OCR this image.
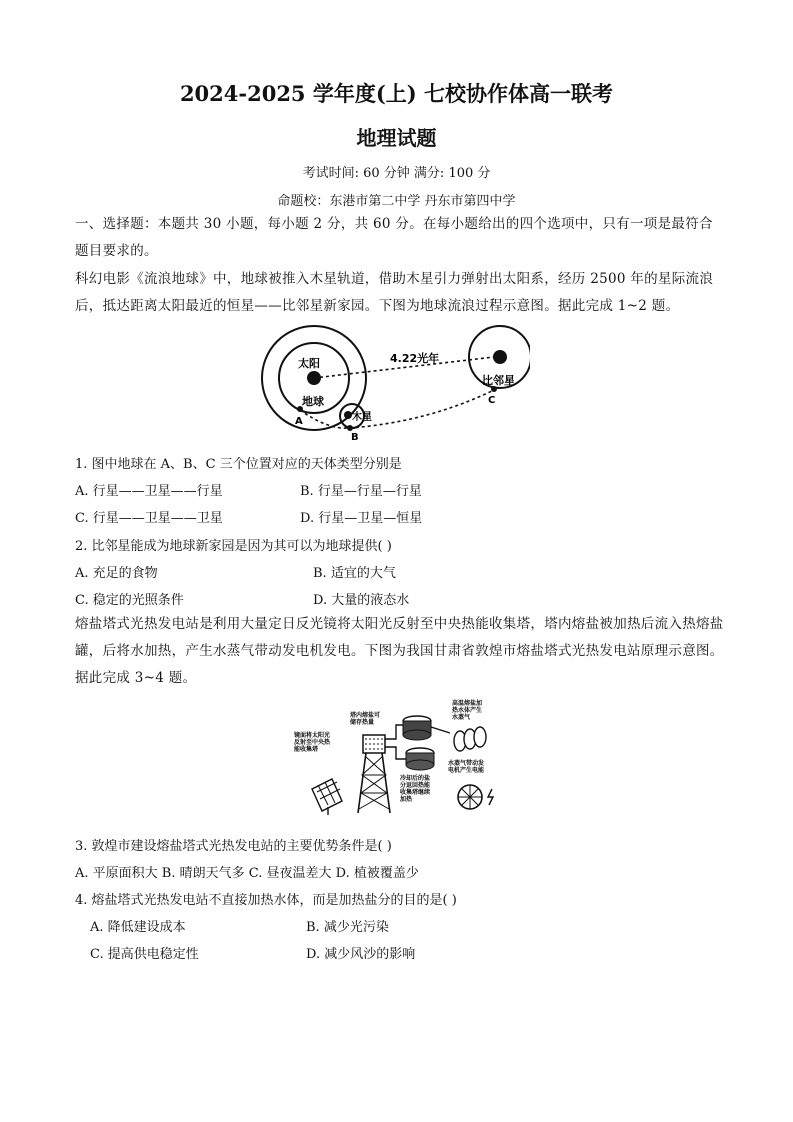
2024-2025 学年度(上) 七校协作体高一联考
地理试题
考试时间: 60 分钟 满分: 100 分
命题校：东港市第二中学 丹东市第四中学
一、选择题：本题共 30 小题，每小题 2 分，共 60 分。在每小题给出的四个选项中，只有一项是最符合题目要求的。
科幻电影《流浪地球》中，地球被推入木星轨道，借助木星引力弹射出太阳系，经历 2500 年的星际流浪后，抵达距离太阳最近的恒星——比邻星新家园。下图为地球流浪过程示意图。据此完成 1~2 题。
太阳
地球
木星
比邻星
4.22光年
A
B
C
1. 图中地球在 A、B、C 三个位置对应的天体类型分别是
A. 行星——卫星——行星	B. 行星—行星—行星
C. 行星——卫星——卫星	D. 行星—卫星—恒星
2. 比邻星能成为地球新家园是因为其可以为地球提供( )
A. 充足的食物	B. 适宜的大气
C. 稳定的光照条件	D. 大量的液态水
熔盐塔式光热发电站是利用大量定日反光镜将太阳光反射至中央热能收集塔，塔内熔盐被加热后流入热熔盐罐，后将水加热，产生水蒸气带动发电机发电。下图为我国甘肃省敦煌市熔盐塔式光热发电站原理示意图。据此完成 3~4 题。
塔内熔盐可储存热量
镜面将太阳光反射至中央热能收集塔
高温熔盐加热水体产生水蒸气
冷却后的盐分返回热能收集塔继续加热
水蒸气带动发电机产生电能
3. 敦煌市建设熔盐塔式光热发电站的主要优势条件是( )
A. 平原面积大 B. 晴朗天气多 C. 昼夜温差大 D. 植被覆盖少
4. 熔盐塔式光热发电站不直接加热水体，而是加热盐分的目的是( )
A. 降低建设成本	B. 减少光污染
C. 提高供电稳定性	D. 减少风沙的影响
